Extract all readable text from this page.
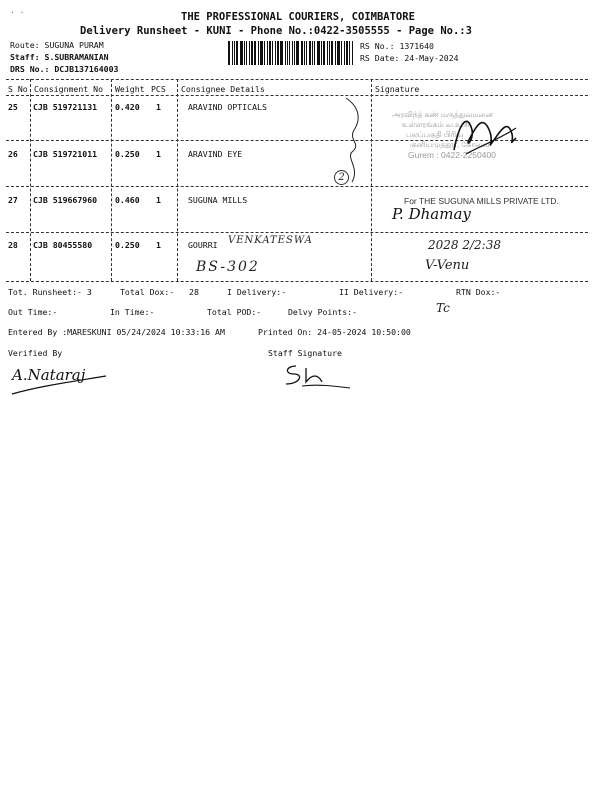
. .
THE PROFESSIONAL COURIERS, COIMBATORE
Delivery Runsheet - KUNI - Phone No.:0422-3505555 - Page No.:3
Route: SUGUNA PURAM
Staff: S.SUBRAMANIAN
DRS No.: DCJB137164003
RS No.: 1371640
RS Date: 24-May-2024
S No Consignment No Weight PCS Consignee Details	Signature
25 CJB 519721131 0.420 1	ARAVIND OPTICALS
26 CJB 519721011 0.250 1	ARAVIND EYE
27 CJB 519667960 0.460 1	SUGUNA MILLS
28 CJB 80455580	0.250 1	GOURRI VENKATESWA
BS-302
2
அரவிந்த் கண் மருத்துவமனை
உள்ளரங்கம் வ.உ.சி
பலப்பகுதி பிரிவு
குனியமுத்தூர், கோவை
Gurem : 0422-2250400
For THE SUGUNA MILLS PRIVATE LTD.
P. Dhamay
2028 2/2:38
V-Venu
Tot. Runsheet:- 3	Total Dox:-   28	I Delivery:-	II Delivery:-	RTN Dox:-
Tc
Out Time:-	In Time:-	Total POD:-	Delvy Points:-
Entered By :MARESKUNI 05/24/2024 10:33:16 AM	Printed On: 24-05-2024 10:50:00
Verified By	Staff Signature
A.Nataraj
